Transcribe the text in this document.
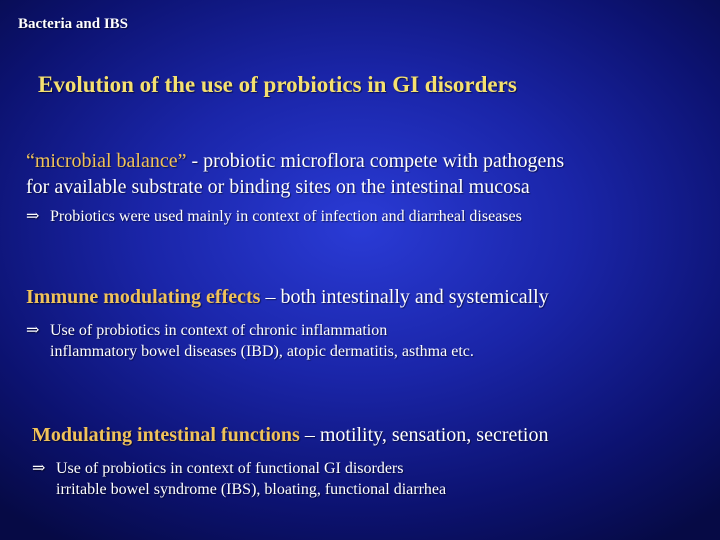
Bacteria and IBS
Evolution of the use of probiotics in GI disorders
“microbial balance” - probiotic microflora compete with pathogens
for available substrate or binding sites on the intestinal mucosa
⇒ Probiotics were used mainly in context of infection and diarrheal diseases
Immune modulating effects – both intestinally and systemically
⇒ Use of probiotics in context of chronic inflammation
inflammatory bowel diseases (IBD), atopic dermatitis, asthma etc.
Modulating intestinal functions – motility, sensation, secretion
⇒ Use of probiotics in context of functional GI disorders
irritable bowel syndrome (IBS), bloating, functional diarrhea
